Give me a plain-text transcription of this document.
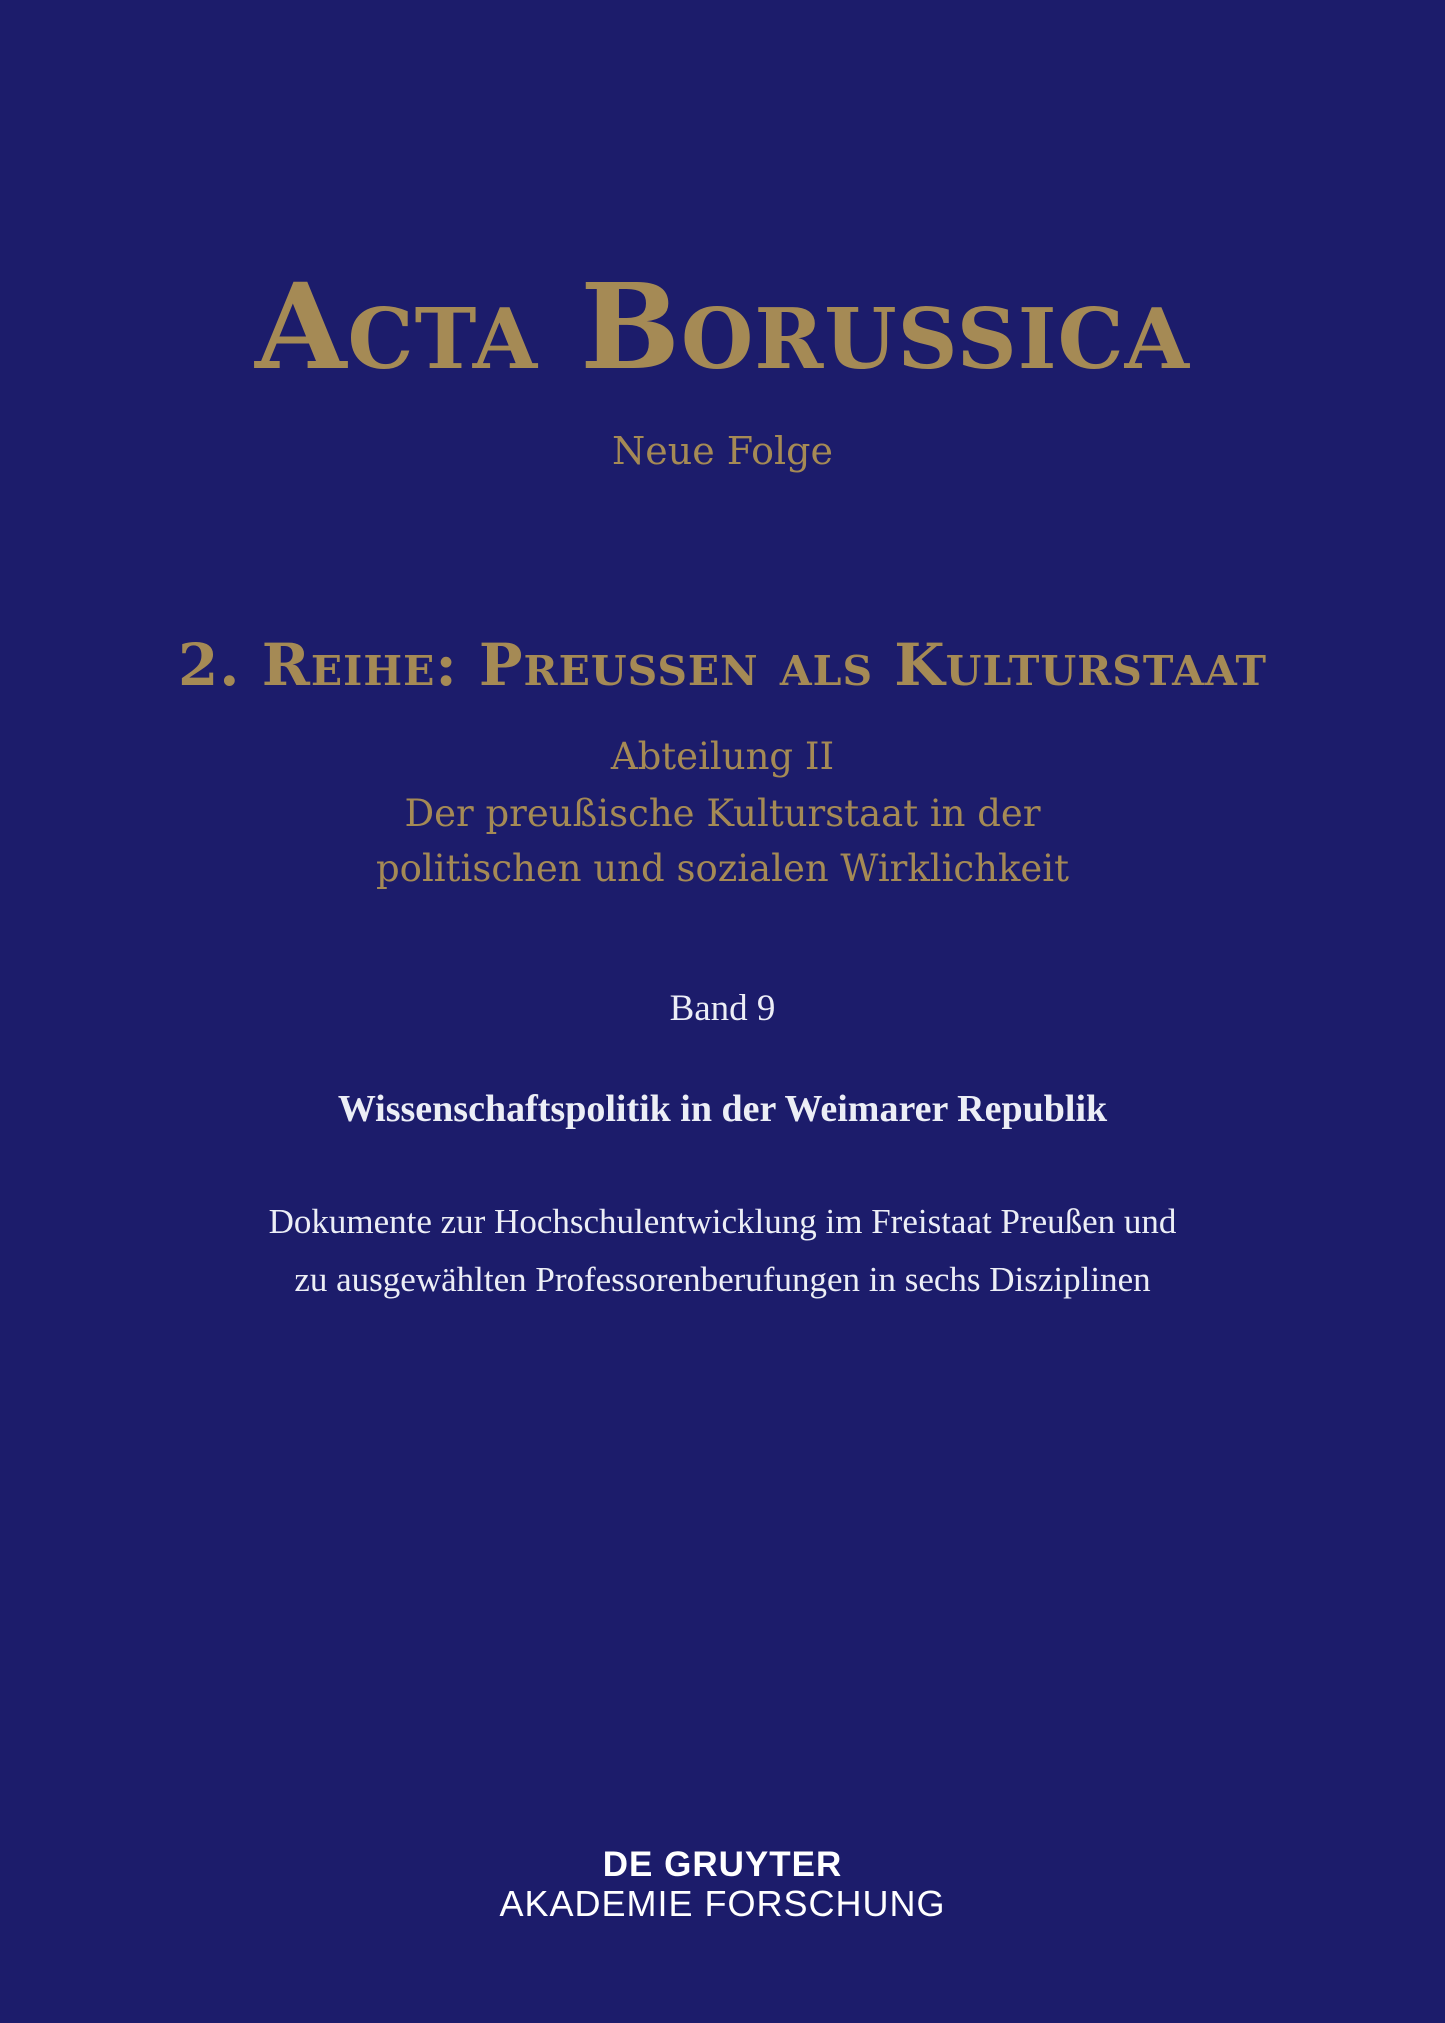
Acta Borussica
Neue Folge
2. Reihe: Preussen als Kulturstaat
Abteilung II
Der preußische Kulturstaat in der
politischen und sozialen Wirklichkeit
Band 9
Wissenschaftspolitik in der Weimarer Republik

Dokumente zur Hochschulentwicklung im Freistaat Preußen und

zu ausgewählten Professorenberufungen in sechs Disziplinen

DE GRUYTER
AKADEMIE FORSCHUNG
